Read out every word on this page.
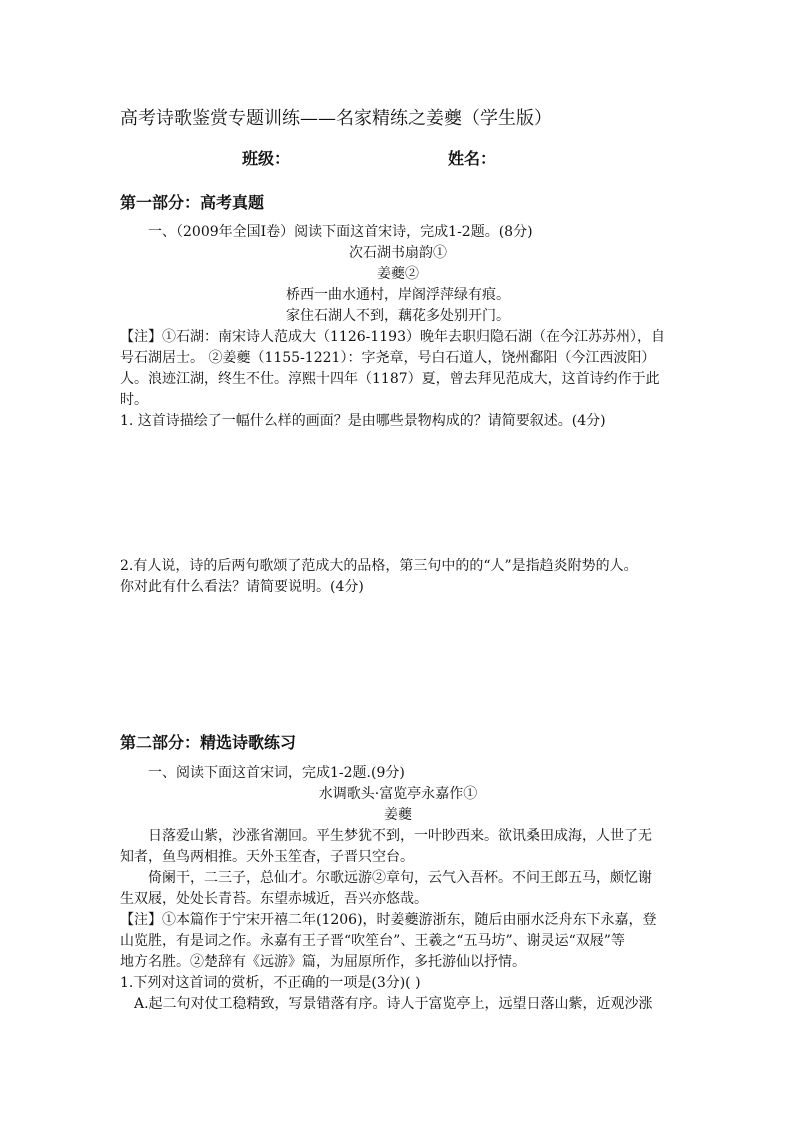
高考诗歌鉴赏专题训练——名家精练之姜夔（学生版）
班级：	姓名：
第一部分：高考真题
一、（2009年全国Ⅰ卷）阅读下面这首宋诗，完成1-2题。(8分)
次石湖书扇韵①
姜夔②
桥西一曲水通村，岸阁浮萍绿有痕。
家住石湖人不到，藕花多处别开门。
【注】①石湖：南宋诗人范成大（1126-1193）晚年去职归隐石湖（在今江苏苏州），自
号石湖居士。 ②姜夔（1155-1221）：字尧章，号白石道人，饶州鄱阳（今江西波阳）
人。浪迹江湖，终生不仕。淳熙十四年（1187）夏，曾去拜见范成大，这首诗约作于此
时。
1. 这首诗描绘了一幅什么样的画面？是由哪些景物构成的？请简要叙述。(4分)
2.有人说，诗的后两句歌颂了范成大的品格，第三句中的的“人”是指趋炎附势的人。
你对此有什么看法？请简要说明。(4分)
第二部分：精选诗歌练习
一、阅读下面这首宋词，完成1-2题.(9分)
水调歌头·富览亭永嘉作①
姜夔
日落爱山紫，沙涨省潮回。平生梦犹不到，一叶眇西来。欲讯桑田成海，人世了无
知者，鱼鸟两相推。天外玉笙杳，子晋只空台。
倚阑干，二三子，总仙才。尔歌远游②章句，云气入吾杯。不问王郎五马，颇忆谢
生双屐，处处长青苔。东望赤城近，吾兴亦悠哉。
【注】①本篇作于宁宋开禧二年(1206)，时姜夔游浙东，随后由丽水泛舟东下永嘉，登
山览胜，有是词之作。永嘉有王子晋“吹笙台”、王羲之“五马坊”、谢灵运“双屐”等
地方名胜。②楚辞有《远游》篇，为屈原所作，多托游仙以抒情。
1.下列对这首词的赏析，不正确的一项是(3分)( )
A.起二句对仗工稳精致，写景错落有序。诗人于富览亭上，远望日落山紫，近观沙涨
